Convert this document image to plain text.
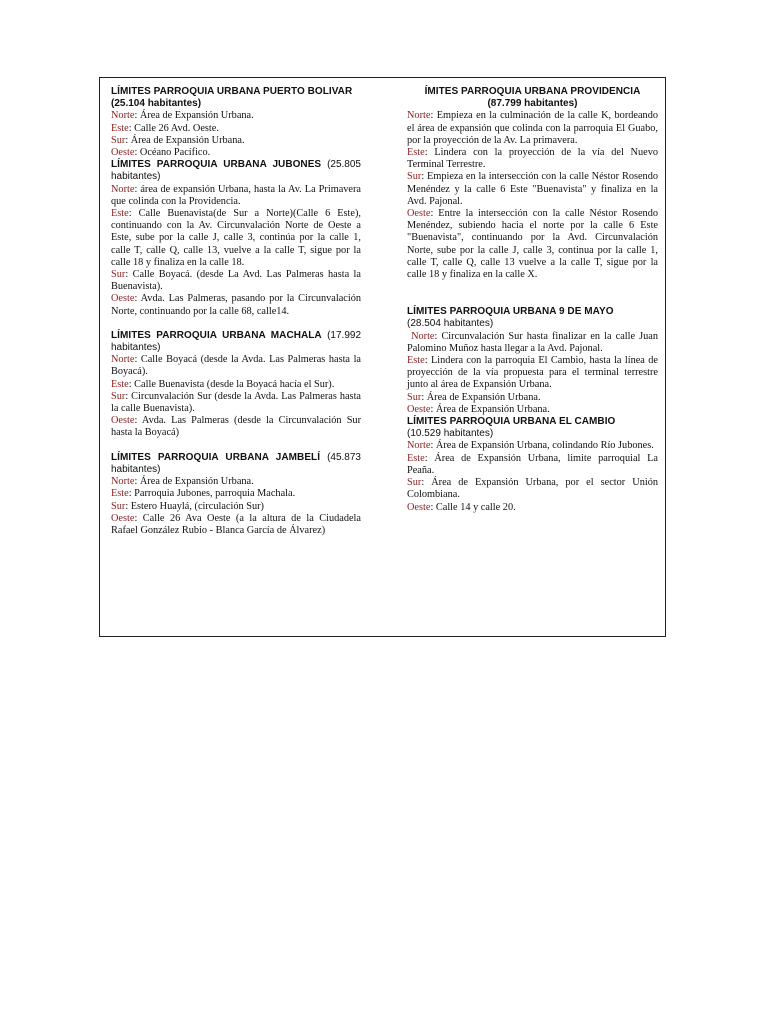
LÍMITES PARROQUIA URBANA PUERTO BOLIVAR
(25.104 habitantes)

Norte: Área de Expansión Urbana.

Este: Calle 26 Avd. Oeste.

Sur: Área de Expansión Urbana.

Oeste: Océano Pacífico.

LÍMITES PARROQUIA URBANA JUBONES (25.805 habitantes)

Norte: área de expansión Urbana, hasta la Av. La Primavera que colinda con la Providencia.

Este: Calle Buenavista(de Sur a Norte)(Calle 6 Este), continuando con la Av. Circunvalación Norte de Oeste a Este, sube por la calle J, calle 3, continúa por la calle 1, calle T, calle Q, calle 13, vuelve a la calle T, sigue por la calle 18 y finaliza en la calle 18.

Sur: Calle Boyacá. (desde La Avd. Las Palmeras hasta la Buenavista).

Oeste: Avda. Las Palmeras, pasando por la Circunvalación Norte, continuando por la calle 68, calle14.

LÍMITES PARROQUIA URBANA MACHALA (17.992 habitantes)

Norte: Calle Boyacá (desde la Avda. Las Palmeras hasta la Boyacá).

Este: Calle Buenavista (desde la Boyacá hacía el Sur).

Sur: Circunvalación Sur (desde la Avda. Las Palmeras hasta la calle Buenavista).

Oeste: Avda. Las Palmeras (desde la Circunvalación Sur hasta la Boyacá)

LÍMITES PARROQUIA URBANA JAMBELÍ (45.873 habitantes)

Norte: Área de Expansión Urbana.

Este: Parroquia Jubones, parroquia Machala.

Sur: Estero Huaylá, (circulación Sur)

Oeste: Calle 26 Ava Oeste (a la altura de la Ciudadela Rafael González Rubio - Blanca García de Álvarez)

ÍMITES PARROQUIA URBANA PROVIDENCIA
(87.799 habitantes)

Norte: Empieza en la culminación de la calle K, bordeando el área de expansión que colinda con la parroquia El Guabo, por la proyección de la Av. La primavera.

Este: Lindera con la proyección de la vía del Nuevo Terminal Terrestre.

Sur: Empieza en la intersección con la calle Néstor Rosendo Menéndez y la calle 6 Este "Buenavista" y finaliza en la Avd. Pajonal.

Oeste: Entre la intersección con la calle Néstor Rosendo Menéndez, subiendo hacia el norte por la calle 6 Este "Buenavista", continuando por la Avd. Circunvalación Norte, sube por la calle J, calle 3, continua por la calle 1, calle T, calle Q, calle 13 vuelve a la calle T, sigue por la calle 18 y finaliza en la calle X.

LÍMITES PARROQUIA URBANA 9 DE MAYO
(28.504 habitantes)

Norte: Circunvalación Sur hasta finalizar en la calle Juan Palomino Muñoz hasta llegar a la Avd. Pajonal.

Este: Lindera con la parroquia El Cambio, hasta la línea de proyección de la vía propuesta para el terminal terrestre junto al área de Expansión Urbana.

Sur: Área de Expansión Urbana.

Oeste: Área de Expansión Urbana.

LÍMITES PARROQUIA URBANA EL CAMBIO
(10.529 habitantes)

Norte: Área de Expansión Urbana, colindando Río Jubones.

Este: Área de Expansión Urbana, limite parroquial La Peaña.

Sur: Área de Expansión Urbana, por el sector Unión Colombiana.

Oeste: Calle 14 y calle 20.
